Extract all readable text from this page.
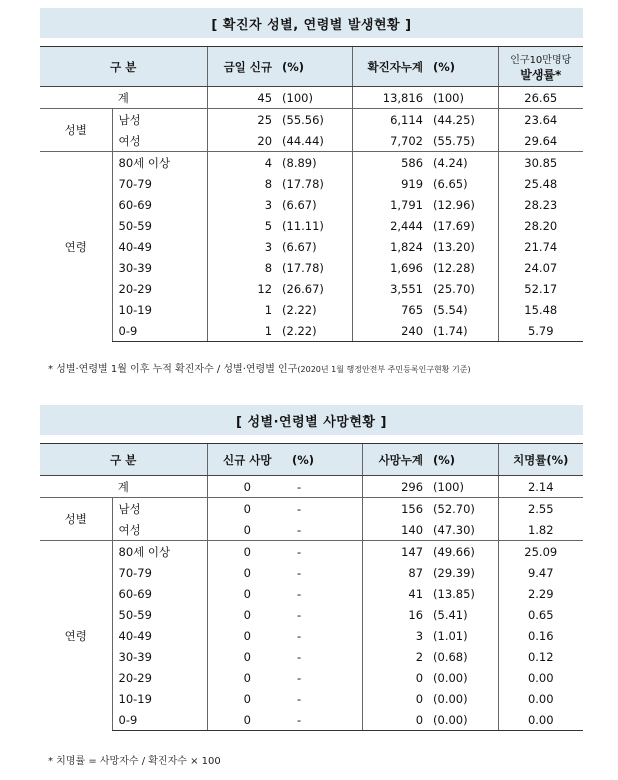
[ 확진자 성별, 연령별 발생현황 ]
구 분		금일 신규	(%)	확진자누계	(%)	인구10만명당
발생률*

계		45	(100)	13,816	(100)	26.65
성별	남성	25	(55.56)	6,114	(44.25)	23.64
	여성	20	(44.44)	7,702	(55.75)	29.64
연령	80세 이상	4	(8.89)	586	(4.24)	30.85
	70-79	8	(17.78)	919	(6.65)	25.48
	60-69	3	(6.67)	1,791	(12.96)	28.23
	50-59	5	(11.11)	2,444	(17.69)	28.20
	40-49	3	(6.67)	1,824	(13.20)	21.74
	30-39	8	(17.78)	1,696	(12.28)	24.07
	20-29	12	(26.67)	3,551	(25.70)	52.17
	10-19	1	(2.22)	765	(5.54)	15.48
	0-9	1	(2.22)	240	(1.74)	5.79
* 성별·연령별 1월 이후 누적 확진자수 / 성별·연령별 인구(2020년 1월 행정안전부 주민등록인구현황 기준)
[ 성별·연령별 사망현황 ]
구 분		신규 사망	(%)	사망누계	(%)	치명률(%)
계		0	-	296	(100)	2.14
성별	남성	0	-	156	(52.70)	2.55
	여성	0	-	140	(47.30)	1.82
연령	80세 이상	0	-	147	(49.66)	25.09
	70-79	0	-	87	(29.39)	9.47
	60-69	0	-	41	(13.85)	2.29
	50-59	0	-	16	(5.41)	0.65
	40-49	0	-	3	(1.01)	0.16
	30-39	0	-	2	(0.68)	0.12
	20-29	0	-	0	(0.00)	0.00
	10-19	0	-	0	(0.00)	0.00
	0-9	0	-	0	(0.00)	0.00
* 치명률 = 사망자수 / 확진자수 × 100
